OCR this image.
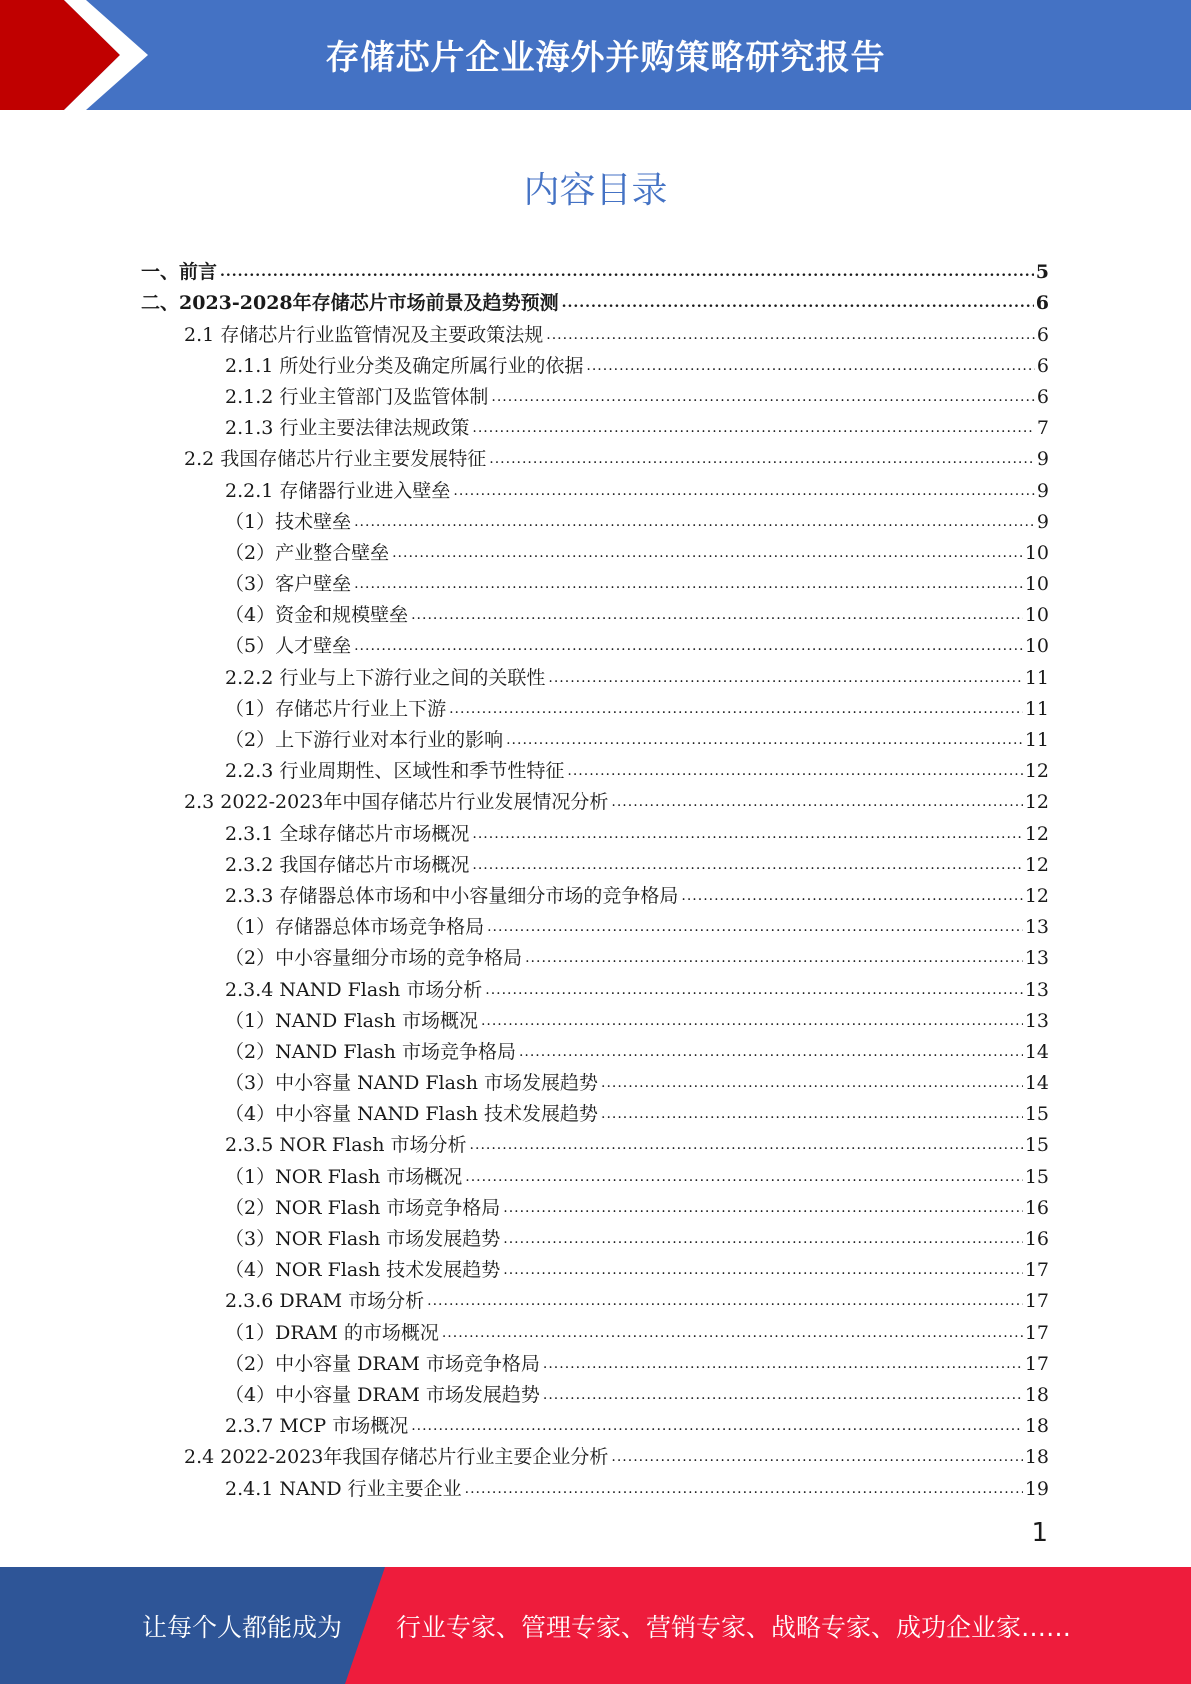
存储芯片企业海外并购策略研究报告
内容目录
一、前言 .....	5
二、2023-2028年存储芯片市场前景及趋势预测 .....	6
2.1 存储芯片行业监管情况及主要政策法规 .....	6
2.1.1 所处行业分类及确定所属行业的依据 .....	6
2.1.2 行业主管部门及监管体制 .....	6
2.1.3 行业主要法律法规政策 .....	7
2.2 我国存储芯片行业主要发展特征 .....	9
2.2.1 存储器行业进入壁垒 .....	9
（1）技术壁垒 .....	9
（2）产业整合壁垒 .....	10
（3）客户壁垒 .....	10
（4）资金和规模壁垒 .....	10
（5）人才壁垒 .....	10
2.2.2 行业与上下游行业之间的关联性 .....	11
（1）存储芯片行业上下游 .....	11
（2）上下游行业对本行业的影响 .....	11
2.2.3 行业周期性、区域性和季节性特征 .....	12
2.3 2022-2023年中国存储芯片行业发展情况分析 .....	12
2.3.1 全球存储芯片市场概况 .....	12
2.3.2 我国存储芯片市场概况 .....	12
2.3.3 存储器总体市场和中小容量细分市场的竞争格局 .....	12
（1）存储器总体市场竞争格局 .....	13
（2）中小容量细分市场的竞争格局 .....	13
2.3.4 NAND Flash 市场分析 .....	13
（1）NAND Flash 市场概况 .....	13
（2）NAND Flash 市场竞争格局 .....	14
（3）中小容量 NAND Flash 市场发展趋势 .....	14
（4）中小容量 NAND Flash 技术发展趋势 .....	15
2.3.5 NOR Flash 市场分析 .....	15
（1）NOR Flash 市场概况 .....	15
（2）NOR Flash 市场竞争格局 .....	16
（3）NOR Flash 市场发展趋势 .....	16
（4）NOR Flash 技术发展趋势 .....	17
2.3.6 DRAM 市场分析 .....	17
（1）DRAM 的市场概况 .....	17
（2）中小容量 DRAM 市场竞争格局 .....	17
（4）中小容量 DRAM 市场发展趋势 .....	18
2.3.7 MCP 市场概况 .....	18
2.4 2022-2023年我国存储芯片行业主要企业分析 .....	18
2.4.1 NAND 行业主要企业 .....	19
1
让每个人都能成为 行业专家、管理专家、营销专家、战略专家、成功企业家……
